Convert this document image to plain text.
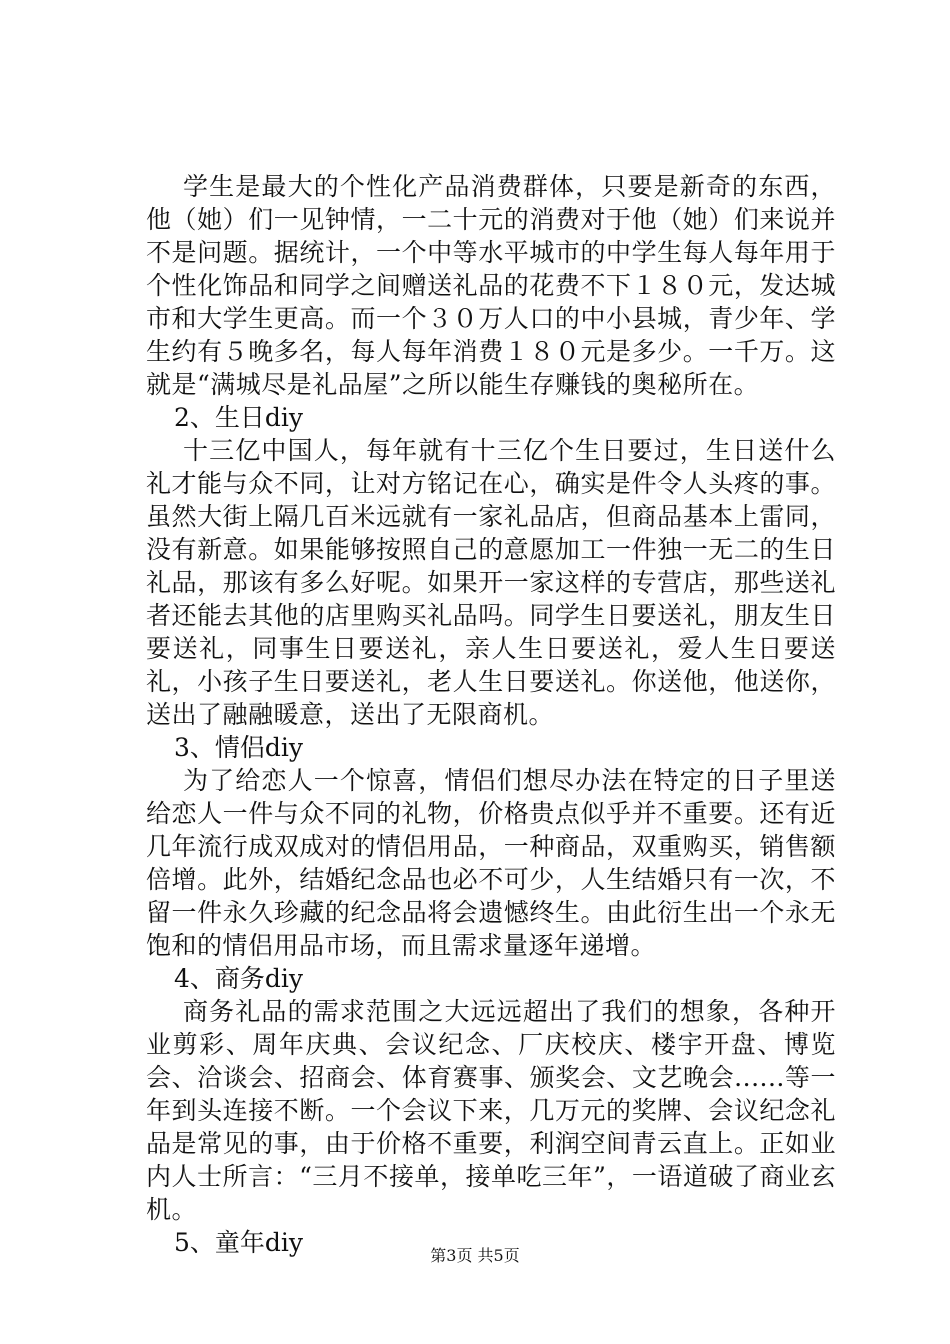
学生是最大的个性化产品消费群体，只要是新奇的东西，他（她）们一见钟情，一二十元的消费对于他（她）们来说并不是问题。据统计，一个中等水平城市的中学生每人每年用于个性化饰品和同学之间赠送礼品的花费不下１８０元，发达城市和大学生更高。而一个３０万人口的中小县城，青少年、学生约有５晚多名，每人每年消费１８０元是多少。一千万。这就是“满城尽是礼品屋”之所以能生存赚钱的奥秘所在。

2、生日diy

十三亿中国人，每年就有十三亿个生日要过，生日送什么礼才能与众不同，让对方铭记在心，确实是件令人头疼的事。虽然大街上隔几百米远就有一家礼品店，但商品基本上雷同，没有新意。如果能够按照自己的意愿加工一件独一无二的生日礼品，那该有多么好呢。如果开一家这样的专营店，那些送礼者还能去其他的店里购买礼品吗。同学生日要送礼，朋友生日要送礼，同事生日要送礼，亲人生日要送礼，爱人生日要送礼，小孩子生日要送礼，老人生日要送礼。你送他，他送你，送出了融融暖意，送出了无限商机。

3、情侣diy

为了给恋人一个惊喜，情侣们想尽办法在特定的日子里送给恋人一件与众不同的礼物，价格贵点似乎并不重要。还有近几年流行成双成对的情侣用品，一种商品，双重购买，销售额倍增。此外，结婚纪念品也必不可少，人生结婚只有一次，不留一件永久珍藏的纪念品将会遗憾终生。由此衍生出一个永无饱和的情侣用品市场，而且需求量逐年递增。

4、商务diy

商务礼品的需求范围之大远远超出了我们的想象，各种开业剪彩、周年庆典、会议纪念、厂庆校庆、楼宇开盘、博览会、洽谈会、招商会、体育赛事、颁奖会、文艺晚会......等一年到头连接不断。一个会议下来，几万元的奖牌、会议纪念礼品是常见的事，由于价格不重要，利润空间青云直上。正如业内人士所言：“三月不接单，接单吃三年”，一语道破了商业玄机。

5、童年diy	第3页 共5页
